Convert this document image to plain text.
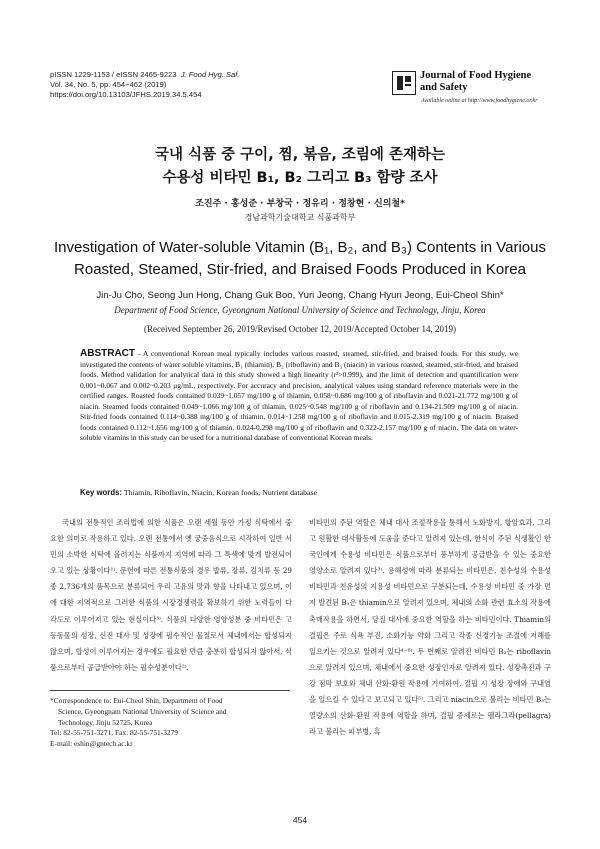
pISSN 1229-1153 / eISSN 2465-9223 J. Food Hyg. Saf.
Vol. 34, No. 5, pp. 454~462 (2019)
https://doi.org/10.13103/JFHS.2019.34.5.454
Journal of Food Hygiene
and Safety
Available online at http://www.foodhygiene.or.kr
국내 식품 중 구이, 찜, 볶음, 조림에 존재하는
수용성 비타민 B₁, B₂ 그리고 B₃ 함량 조사
조진주 · 홍성준 · 부창국 · 정유리 · 정창현 · 신의철*
경남과학기술대학교 식품과학부
Investigation of Water-soluble Vitamin (B₁, B₂, and B₃) Contents in Various
Roasted, Steamed, Stir-fried, and Braised Foods Produced in Korea
Jin-Ju Cho, Seong Jun Hong, Chang Guk Boo, Yuri Jeong, Chang Hyun Jeong, Eui-Cheol Shin*
Department of Food Science, Gyeongnam National University of Science and Technology, Jinju, Korea
(Received September 26, 2019/Revised October 12, 2019/Accepted October 14, 2019)
ABSTRACT - A conventional Korean meal typically includes various roasted, steamed, stir-fried, and braised foods. For this study, we investigated the contents of water soluble vitamins, B₁ (thiamin), B₂ (riboflavin) and B₃ (niacin) in various roasted, steamed, stir-fried, and braised foods. Method validation for analytical data in this study showed a high linearity (r²>0.999), and the limit of detection and quantification were 0.001~0.067 and 0.002~0.203 μg/mL, respectively. For accuracy and precision, analytical values using standard reference materials were in the certified ranges. Roasted foods contained 0.039~1.057 mg/100 g of thiamin, 0.058~0.686 mg/100 g of riboflavin and 0.021-21.772 mg/100 g of niacin. Steamed foods contained 0.049~1.066 mg/100 g of thiamin, 0.025~0.548 mg/100 g of riboflavin and 0.134-21.509 mg/100 g of niacin. Stir-fried foods contained 0.114~0.388 mg/100 g of thiamin, 0.014~1.258 mg/100 g of riboflavin and 0.015-2.319 mg/100 g of niacin. Braised foods contained 0.112~1.656 mg/100 g of thiamin, 0.024-0.298 mg/100 g of riboflavin and 0.322-2.157 mg/100 g of niacin. The data on water-soluble vitamins in this study can be used for a nutritional database of conventional Korean meals.
Key words: Thiamin, Riboflavin, Niacin, Korean foods, Nutrient database

국내의 전통적인 조리법에 의한 식품은 오랜 세월 동안 가정 식탁에서 중요한 의미로 작용하고 있다. 오랜 전통에서 옛 궁중음식으로 시작하여 일반 서민의 소박한 식탁에 올려지는 식품까지 지역에 따라 그 특색에 맞게 발전되어 오고 있는 상황이다¹⁾. 문헌에 따른 전통식품의 경우 밥류, 장류, 김치류 등 29종 2,736개의 품목으로 분류되어 우리 고유의 맛과 향을 나타내고 있으며, 이에 대한 지역적으로 그러한 식품의 시장경쟁력을 확보하기 위한 노력들이 다각도로 이루어지고 있는 현실이다³⁾. 식품의 다양한 영양성분 중 비타민은 고등동물의 성장, 신진 대사 및 성장에 필수적인 물질로서 체내에서는 합성되지 않으며, 합성이 이루어지는 경우에도 필요한 만큼 충분히 합성되지 않아서, 식품으로부터 공급받아야 하는 필수성분이다²⁾.

비타민의 주된 역할은 체내 대사 조절작용을 통해서 노화방지, 항암효과, 그리고 원활한 대사활동에 도움을 준다고 알려져 있는데, 한식이 주된 식생활인 한국인에게 수용성 비타민은 식품으로부터 풍부하게 공급받을 수 있는 중요한 영양소로 알려져 있다³⁾. 용해성에 따라 분류되는 비타민은, 친수성의 수용성 비타민과 친유성의 지용성 비타민으로 구분되는데, 수용성 비타민 중 가장 먼저 발견된 B₁은 thiamin으로 알려져 있으며, 체내의 소화 관련 효소의 작용에 촉매작용을 하면서, 당질 대사에 중요한 역할을 하는 비타민이다. Thiamin의 결핍은 주로 식욕 부진, 소화기능 약화 그리고 각종 신경기능 조절에 저해를 일으키는 것으로 알려져 있다⁴⁻⁶⁾. 두 번째로 알려진 비타민 B₂는 riboflavin으로 알려져 있으며, 체내에서 중요한 성장인자로 알려져 있다. 성장촉진과 구강 점막 보호와 체내 산화-환원 작용에 기여하여, 결핍 시 성장 장애와 구내염을 일으킬 수 있다고 보고되고 있다⁵⁾. 그리고 niacin으로 불리는 비타민 B₃는 열량소의 산화-환원 작용에 역할을 하며, 결핍 증세로는 펠라그라(pellagra)라고 불리는 피부병, 흑

*Correspondence to: Eui-Cheol Shin, Department of Food
Science, Gyeongnam National University of Science and
Technology, Jinju 52725, Korea
Tel: 82-55-751-3271, Fax: 82-55-751-3279
E-mail: eshin@gntech.ac.kr
454
